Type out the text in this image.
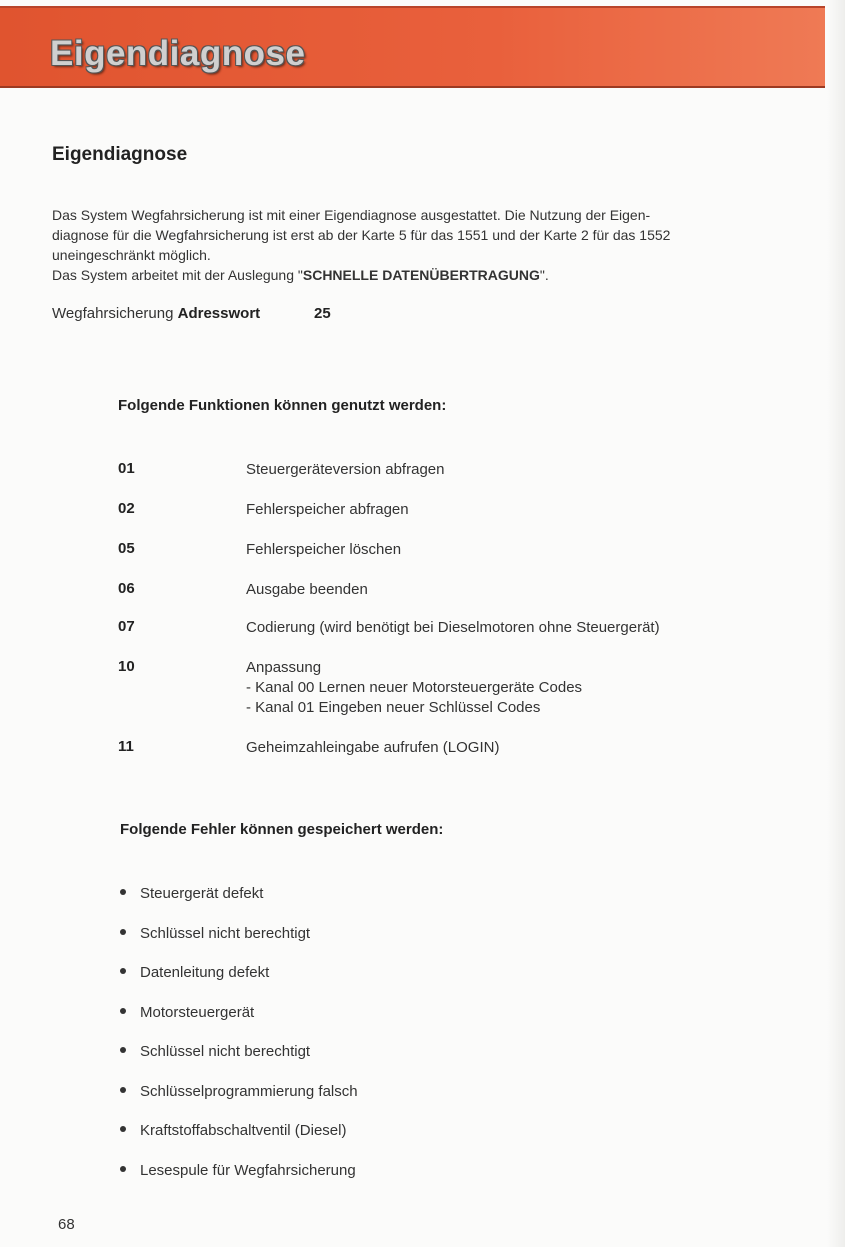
Eigendiagnose
Eigendiagnose

Das System Wegfahrsicherung ist mit einer Eigendiagnose ausgestattet. Die Nutzung der Eigen-

diagnose für die Wegfahrsicherung ist erst ab der Karte 5 für das 1551 und der Karte 2 für das 1552

uneingeschränkt möglich.

Das System arbeitet mit der Auslegung "SCHNELLE DATENÜBERTRAGUNG".

Wegfahrsicherung Adresswort	25
Folgende Funktionen können genutzt werden:
01	Steuergeräteversion abfragen
02	Fehlerspeicher abfragen
05	Fehlerspeicher löschen
06	Ausgabe beenden
07	Codierung (wird benötigt bei Dieselmotoren ohne Steuergerät)
10	Anpassung
- Kanal 00 Lernen neuer Motorsteuergeräte Codes
- Kanal 01 Eingeben neuer Schlüssel Codes
11	Geheimzahleingabe aufrufen (LOGIN)
Folgende Fehler können gespeichert werden:
Steuergerät defekt
Schlüssel nicht berechtigt
Datenleitung defekt
Motorsteuergerät
Schlüssel nicht berechtigt
Schlüsselprogrammierung falsch
Kraftstoffabschaltventil (Diesel)
Lesespule für Wegfahrsicherung
68
